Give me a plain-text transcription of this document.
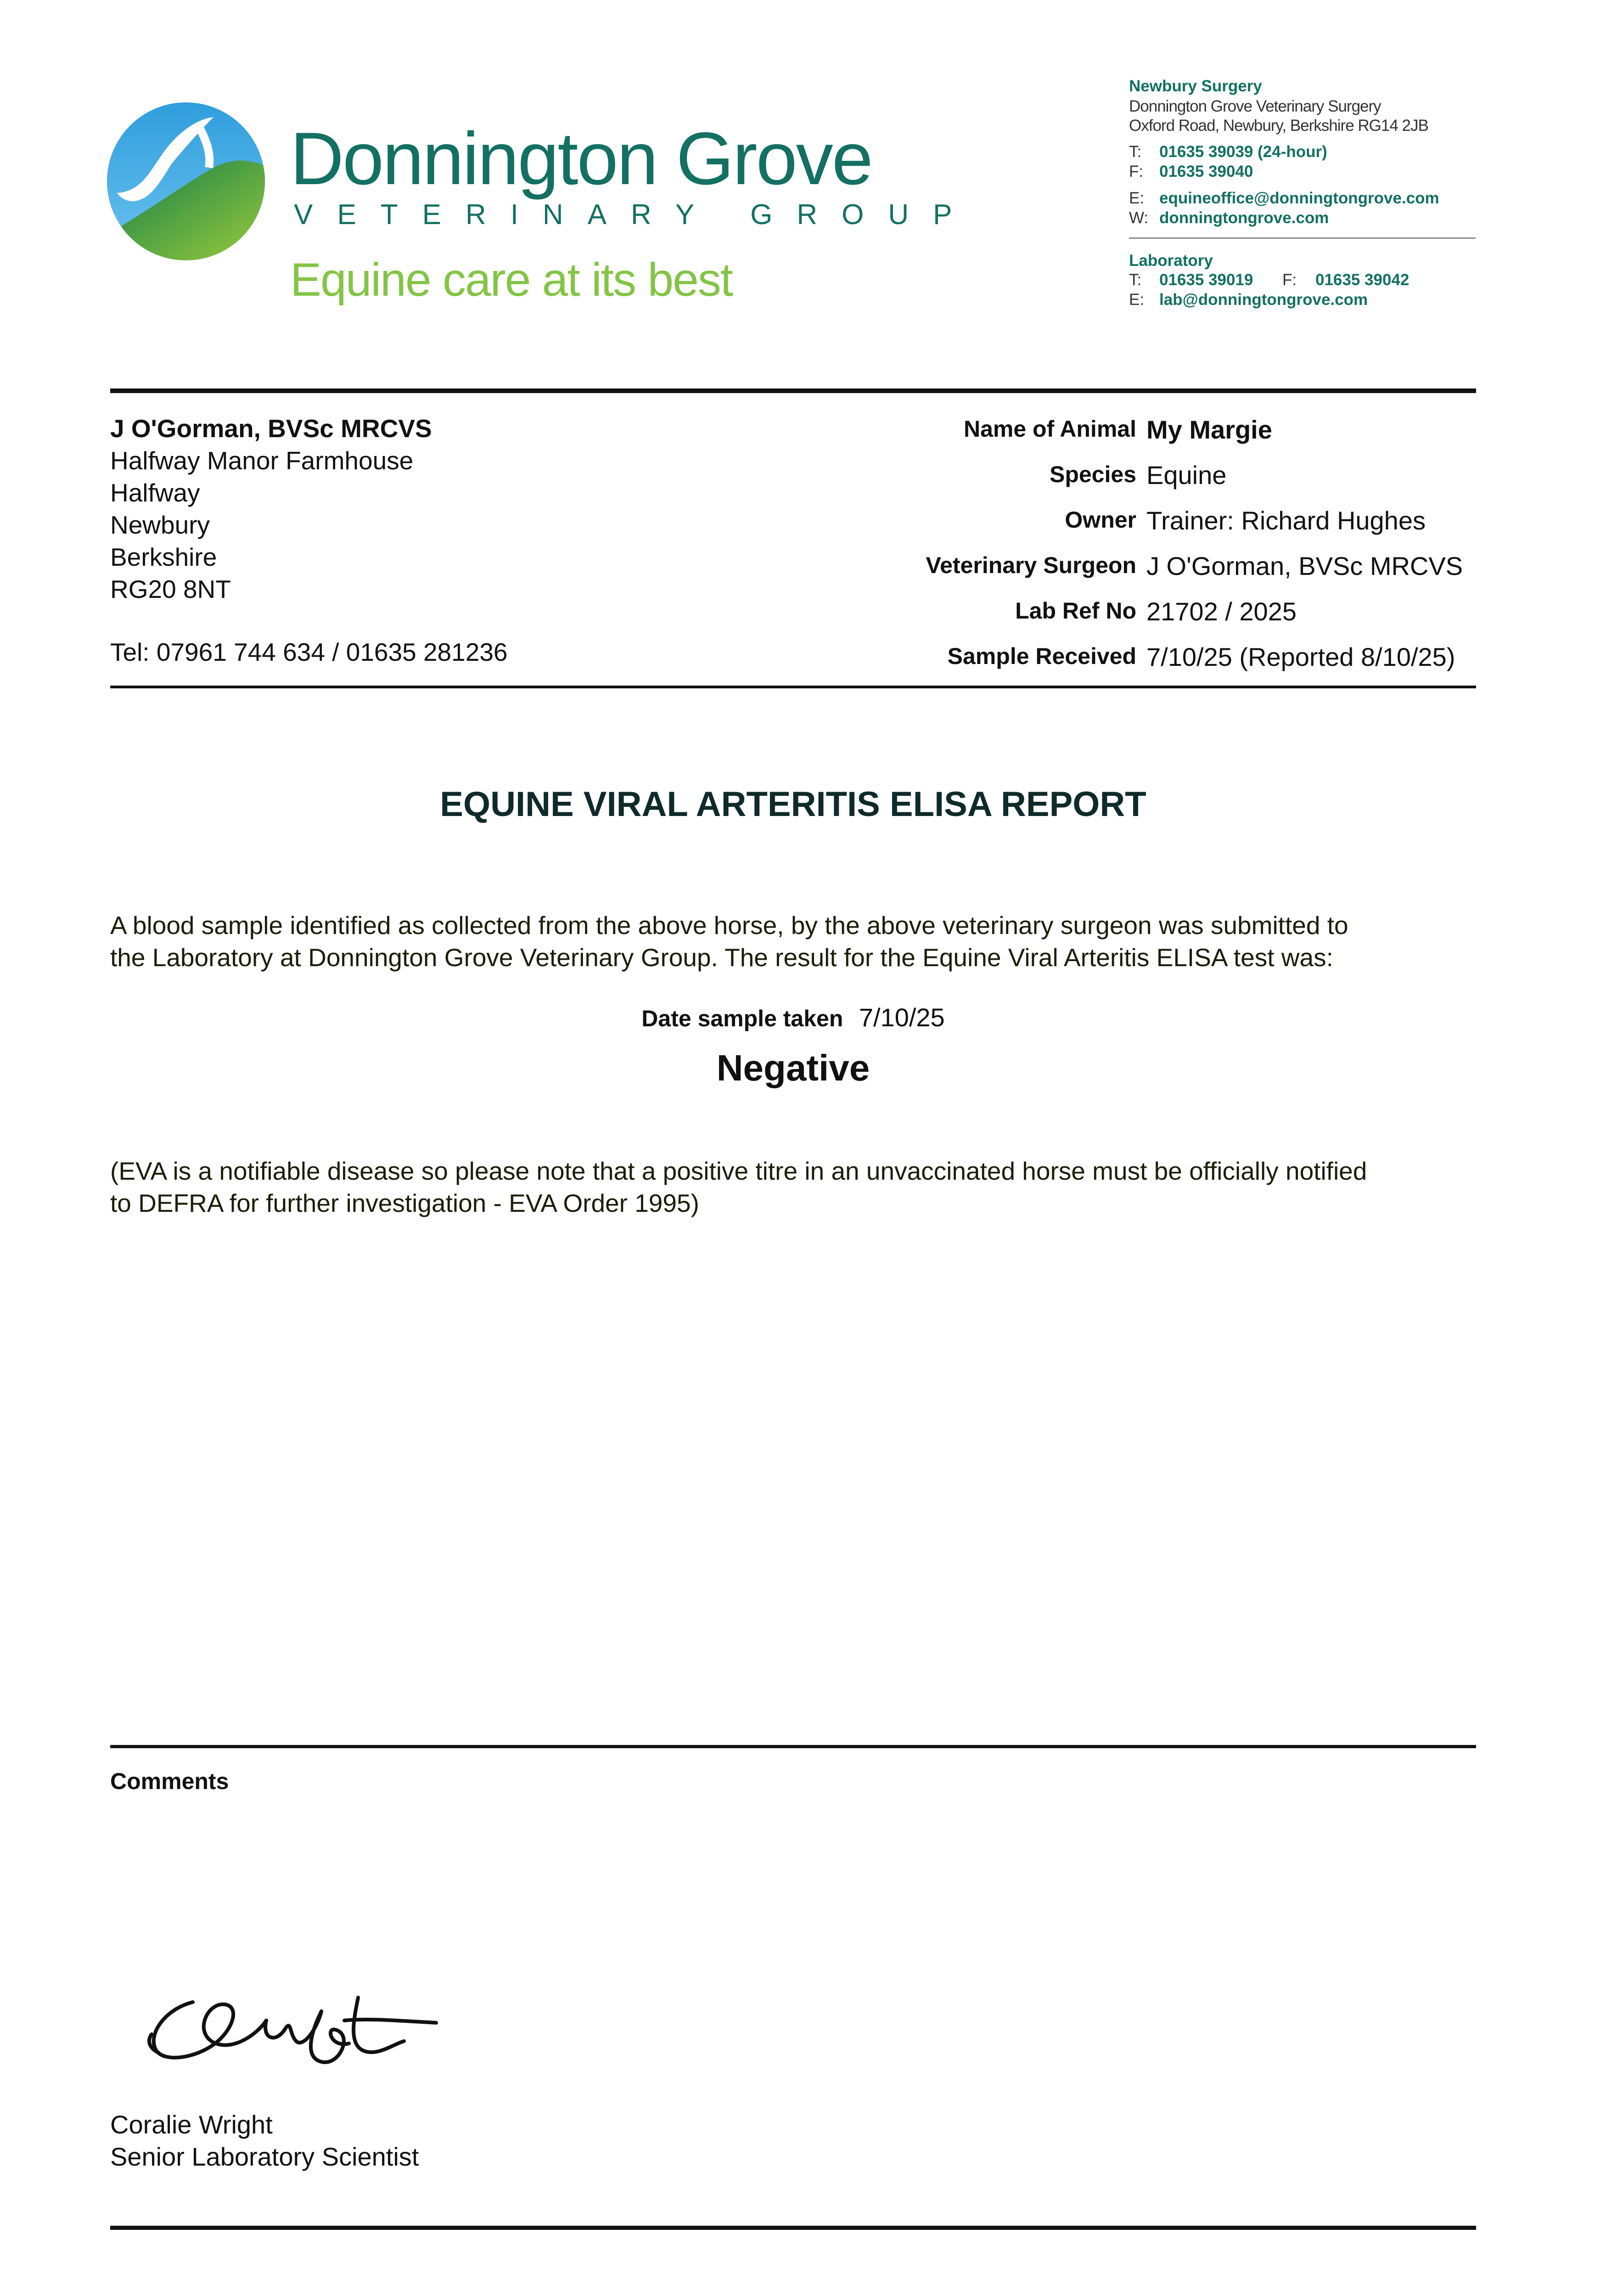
Donnington Grove
VETERINARY GROUP
Equine care at its best
Newbury Surgery
Donnington Grove Veterinary Surgery
Oxford Road, Newbury, Berkshire RG14 2JB
T: 01635 39039 (24-hour)
F: 01635 39040
E: equineoffice@donningtongrove.com
W: donningtongrove.com
Laboratory
T: 01635 39019 F: 01635 39042
E: lab@donningtongrove.com
J O'Gorman, BVSc MRCVS
Halfway Manor Farmhouse
Halfway
Newbury
Berkshire
RG20 8NT
Tel: 07961 744 634 / 01635 281236
Name of Animal My Margie
Species Equine
Owner Trainer: Richard Hughes
Veterinary Surgeon J O'Gorman, BVSc MRCVS
Lab Ref No 21702 / 2025
Sample Received 7/10/25 (Reported 8/10/25)
EQUINE VIRAL ARTERITIS ELISA REPORT
A blood sample identified as collected from the above horse, by the above veterinary surgeon was submitted to
the Laboratory at Donnington Grove Veterinary Group. The result for the Equine Viral Arteritis ELISA test was:
Date sample taken 7/10/25
Negative
(EVA is a notifiable disease so please note that a positive titre in an unvaccinated horse must be officially notified
to DEFRA for further investigation - EVA Order 1995)
Comments
Coralie Wright
Senior Laboratory Scientist
